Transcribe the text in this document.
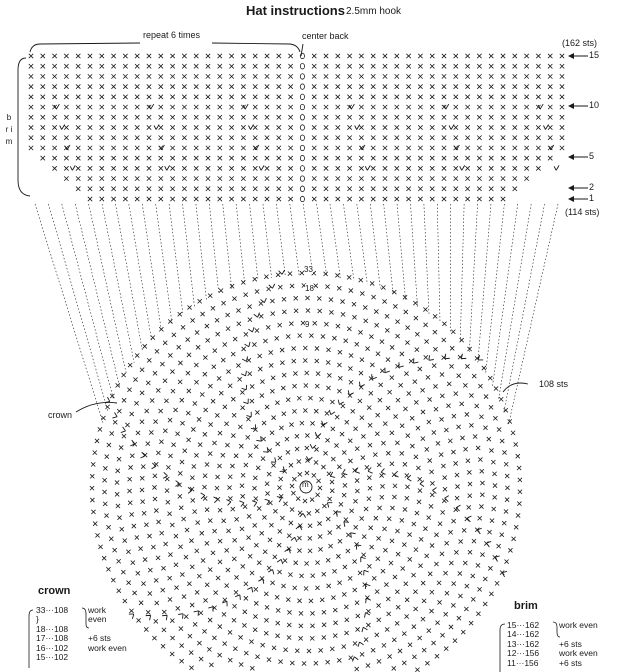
Hat instructions 2.5mm hook
repeat 6 times	center back
(162 sts)
(114 sts)
b r i m
crown
108 sts
m
33
18
9
15
10
5
2
1
crown
33···108
}
18···108
17···108
16···102
15···102
work
even
+6 sts
work even
brim
15···162
14···162
13···162
12···156
11···156
work even
+6 sts
work even
+6 sts
